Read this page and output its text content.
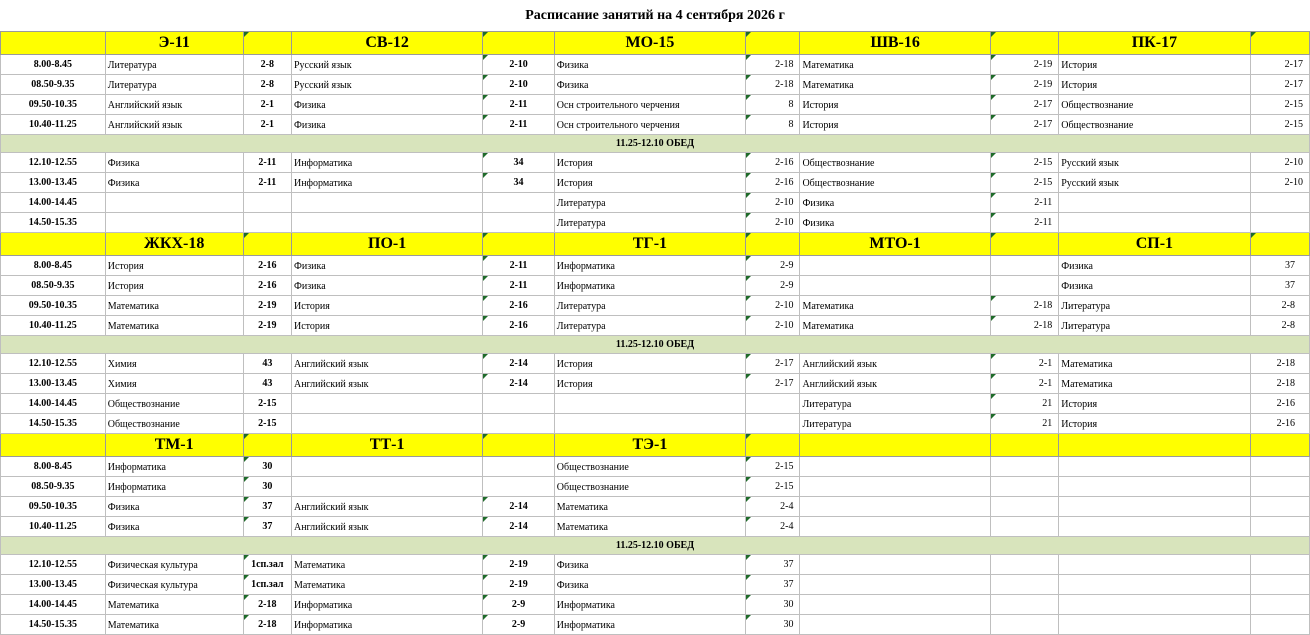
Расписание занятий на 4 сентября 2026 г
	Э-11		СВ-12		МО-15		ШВ-16		ПК-17	
8.00-8.45	Литература	2-8	Русский язык	2-10	Физика	2-18	Математика	2-19	История	2-17
08.50-9.35	Литература	2-8	Русский язык	2-10	Физика	2-18	Математика	2-19	История	2-17
09.50-10.35	Английский язык	2-1	Физика	2-11	Осн строительного черчения	8	История	2-17	Обществознание	2-15
10.40-11.25	Английский язык	2-1	Физика	2-11	Осн строительного черчения	8	История	2-17	Обществознание	2-15
11.25-12.10 ОБЕД										
12.10-12.55	Физика	2-11	Информатика	34	История	2-16	Обществознание	2-15	Русский язык	2-10
13.00-13.45	Физика	2-11	Информатика	34	История	2-16	Обществознание	2-15	Русский язык	2-10
14.00-14.45					Литература	2-10	Физика	2-11		
14.50-15.35					Литература	2-10	Физика	2-11		
	ЖКХ-18		ПО-1		ТГ-1		МТО-1		СП-1	
8.00-8.45	История	2-16	Физика	2-11	Информатика	2-9			Физика	37
08.50-9.35	История	2-16	Физика	2-11	Информатика	2-9			Физика	37
09.50-10.35	Математика	2-19	История	2-16	Литература	2-10	Математика	2-18	Литература	2-8
10.40-11.25	Математика	2-19	История	2-16	Литература	2-10	Математика	2-18	Литература	2-8
11.25-12.10 ОБЕД										
12.10-12.55	Химия	43	Английский язык	2-14	История	2-17	Английский язык	2-1	Математика	2-18
13.00-13.45	Химия	43	Английский язык	2-14	История	2-17	Английский язык	2-1	Математика	2-18
14.00-14.45	Обществознание	2-15					Литература	21	История	2-16
14.50-15.35	Обществознание	2-15					Литература	21	История	2-16
	ТМ-1		ТТ-1		ТЭ-1					
8.00-8.45	Информатика	30			Обществознание	2-15				
08.50-9.35	Информатика	30			Обществознание	2-15				
09.50-10.35	Физика	37	Английский язык	2-14	Математика	2-4				
10.40-11.25	Физика	37	Английский язык	2-14	Математика	2-4				
11.25-12.10 ОБЕД										
12.10-12.55	Физическая культура	1сп.зал	Математика	2-19	Физика	37				
13.00-13.45	Физическая культура	1сп.зал	Математика	2-19	Физика	37				
14.00-14.45	Математика	2-18	Информатика	2-9	Информатика	30				
14.50-15.35	Математика	2-18	Информатика	2-9	Информатика	30				
